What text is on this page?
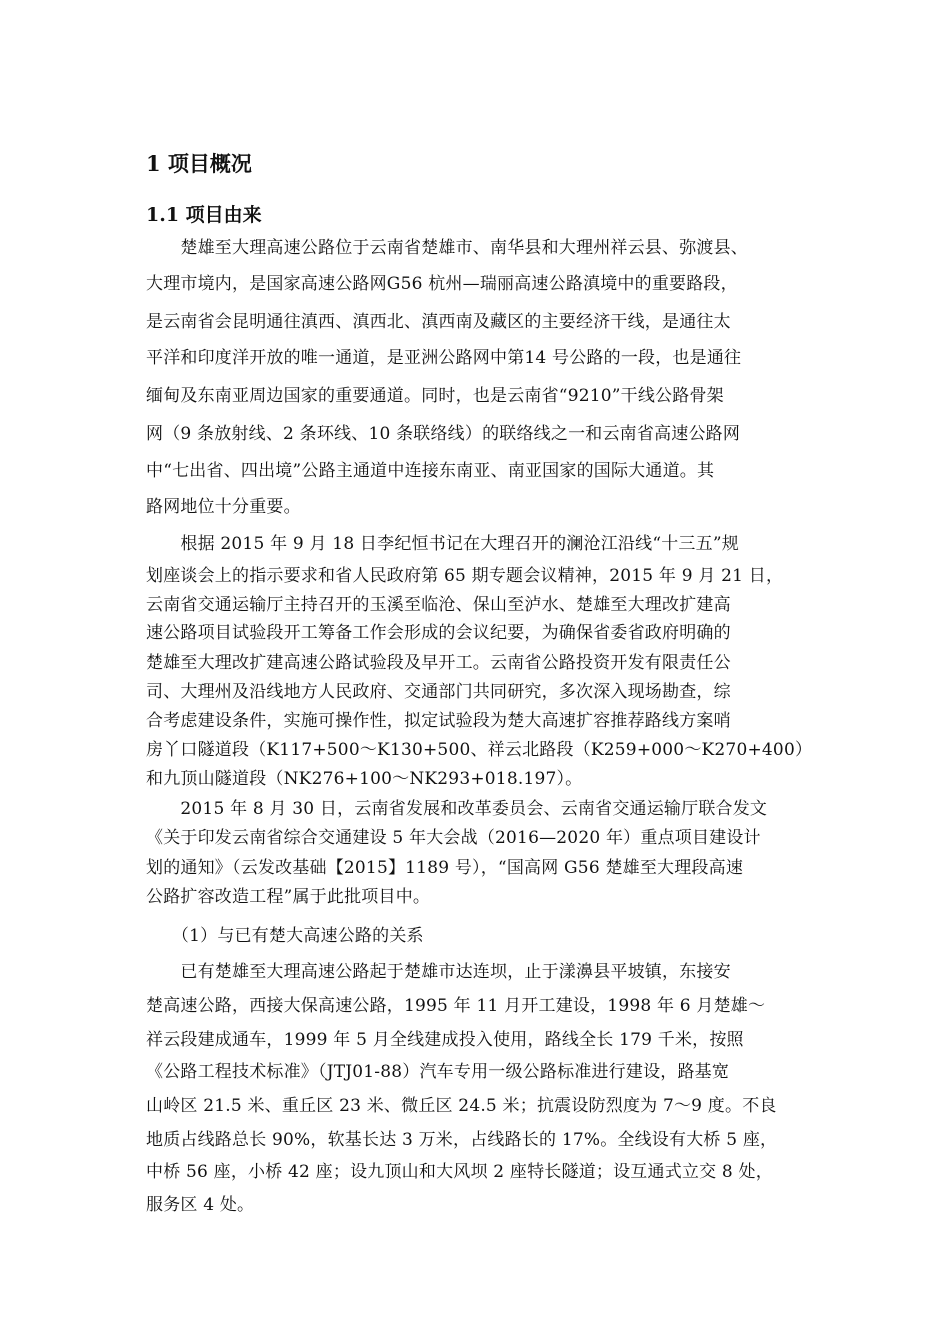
1 项目概况
1.1 项目由来
　　楚雄至大理高速公路位于云南省楚雄市、南华县和大理州祥云县、弥渡县、
大理市境内，是国家高速公路网G56 杭州—瑞丽高速公路滇境中的重要路段，
是云南省会昆明通往滇西、滇西北、滇西南及藏区的主要经济干线，是通往太
平洋和印度洋开放的唯一通道，是亚洲公路网中第14 号公路的一段，也是通往
缅甸及东南亚周边国家的重要通道。同时，也是云南省“9210”干线公路骨架
网（9 条放射线、2 条环线、10 条联络线）的联络线之一和云南省高速公路网
中“七出省、四出境”公路主通道中连接东南亚、南亚国家的国际大通道。其
路网地位十分重要。
　　根据 2015 年 9 月 18 日李纪恒书记在大理召开的澜沧江沿线“十三五”规
划座谈会上的指示要求和省人民政府第 65 期专题会议精神，2015 年 9 月 21 日，
云南省交通运输厅主持召开的玉溪至临沧、保山至泸水、楚雄至大理改扩建高
速公路项目试验段开工筹备工作会形成的会议纪要，为确保省委省政府明确的
楚雄至大理改扩建高速公路试验段及早开工。云南省公路投资开发有限责任公
司、大理州及沿线地方人民政府、交通部门共同研究，多次深入现场勘查，综
合考虑建设条件，实施可操作性，拟定试验段为楚大高速扩容推荐路线方案哨
房丫口隧道段（K117+500～K130+500、祥云北路段（K259+000～K270+400）
和九顶山隧道段（NK276+100～NK293+018.197）。
　　2015 年 8 月 30 日，云南省发展和改革委员会、云南省交通运输厅联合发文
《关于印发云南省综合交通建设 5 年大会战（2016—2020 年）重点项目建设计
划的通知》（云发改基础【2015】1189 号），“国高网 G56 楚雄至大理段高速
公路扩容改造工程”属于此批项目中。
　　（1）与已有楚大高速公路的关系
　　已有楚雄至大理高速公路起于楚雄市达连坝，止于漾濞县平坡镇，东接安
楚高速公路，西接大保高速公路，1995 年 11 月开工建设，1998 年 6 月楚雄～
祥云段建成通车，1999 年 5 月全线建成投入使用，路线全长 179 千米，按照
《公路工程技术标准》（JTJ01-88）汽车专用一级公路标准进行建设，路基宽
山岭区 21.5 米、重丘区 23 米、微丘区 24.5 米；抗震设防烈度为 7～9 度。不良
地质占线路总长 90%，软基长达 3 万米，占线路长的 17%。全线设有大桥 5 座，
中桥 56 座，小桥 42 座；设九顶山和大风坝 2 座特长隧道；设互通式立交 8 处，
服务区 4 处。
